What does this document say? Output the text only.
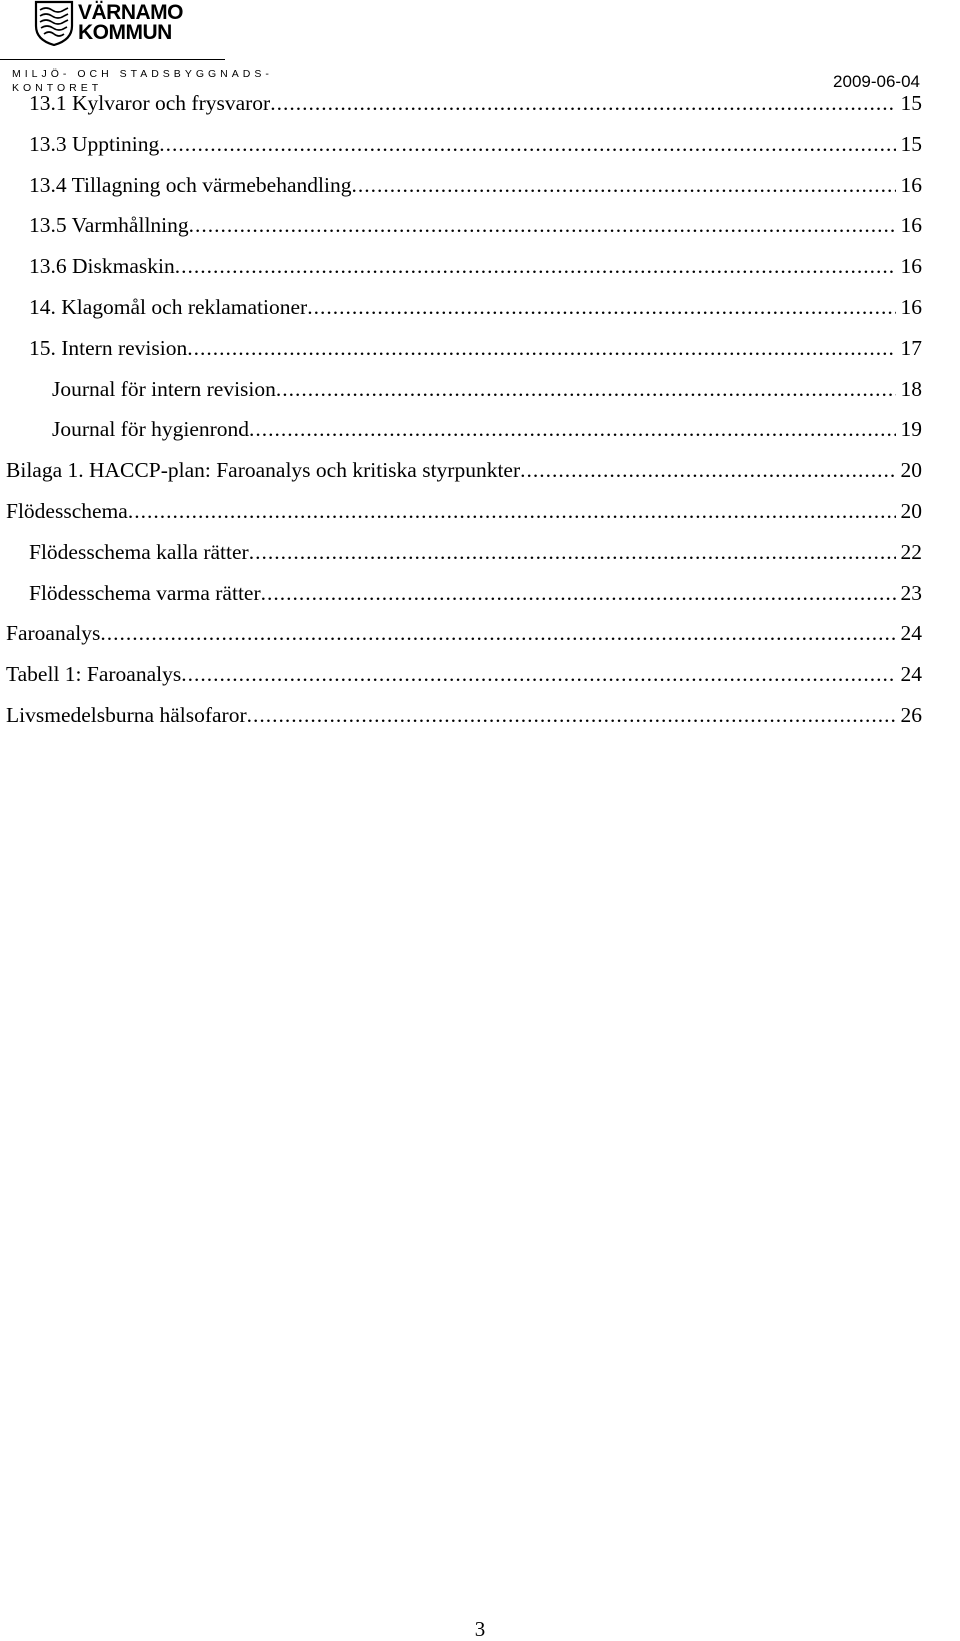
VÄRNAMO
KOMMUN
MILJÖ- OCH STADSBYGGNADS-
KONTORET	2009-06-04
13.1 Kylvaror och frysvaror .....	15
13.3 Upptining .....	15
13.4 Tillagning och värmebehandling .....	16
13.5 Varmhållning .....	16
13.6 Diskmaskin .....	16
14. Klagomål och reklamationer .....	16
15. Intern revision .....	17
Journal för intern revision .....	18
Journal för hygienrond .....	19
Bilaga 1. HACCP-plan: Faroanalys och kritiska styrpunkter .....	20
Flödesschema .....	20
Flödesschema kalla rätter .....	22
Flödesschema varma rätter .....	23
Faroanalys .....	24
Tabell 1: Faroanalys .....	24
Livsmedelsburna hälsofaror .....	26
3
